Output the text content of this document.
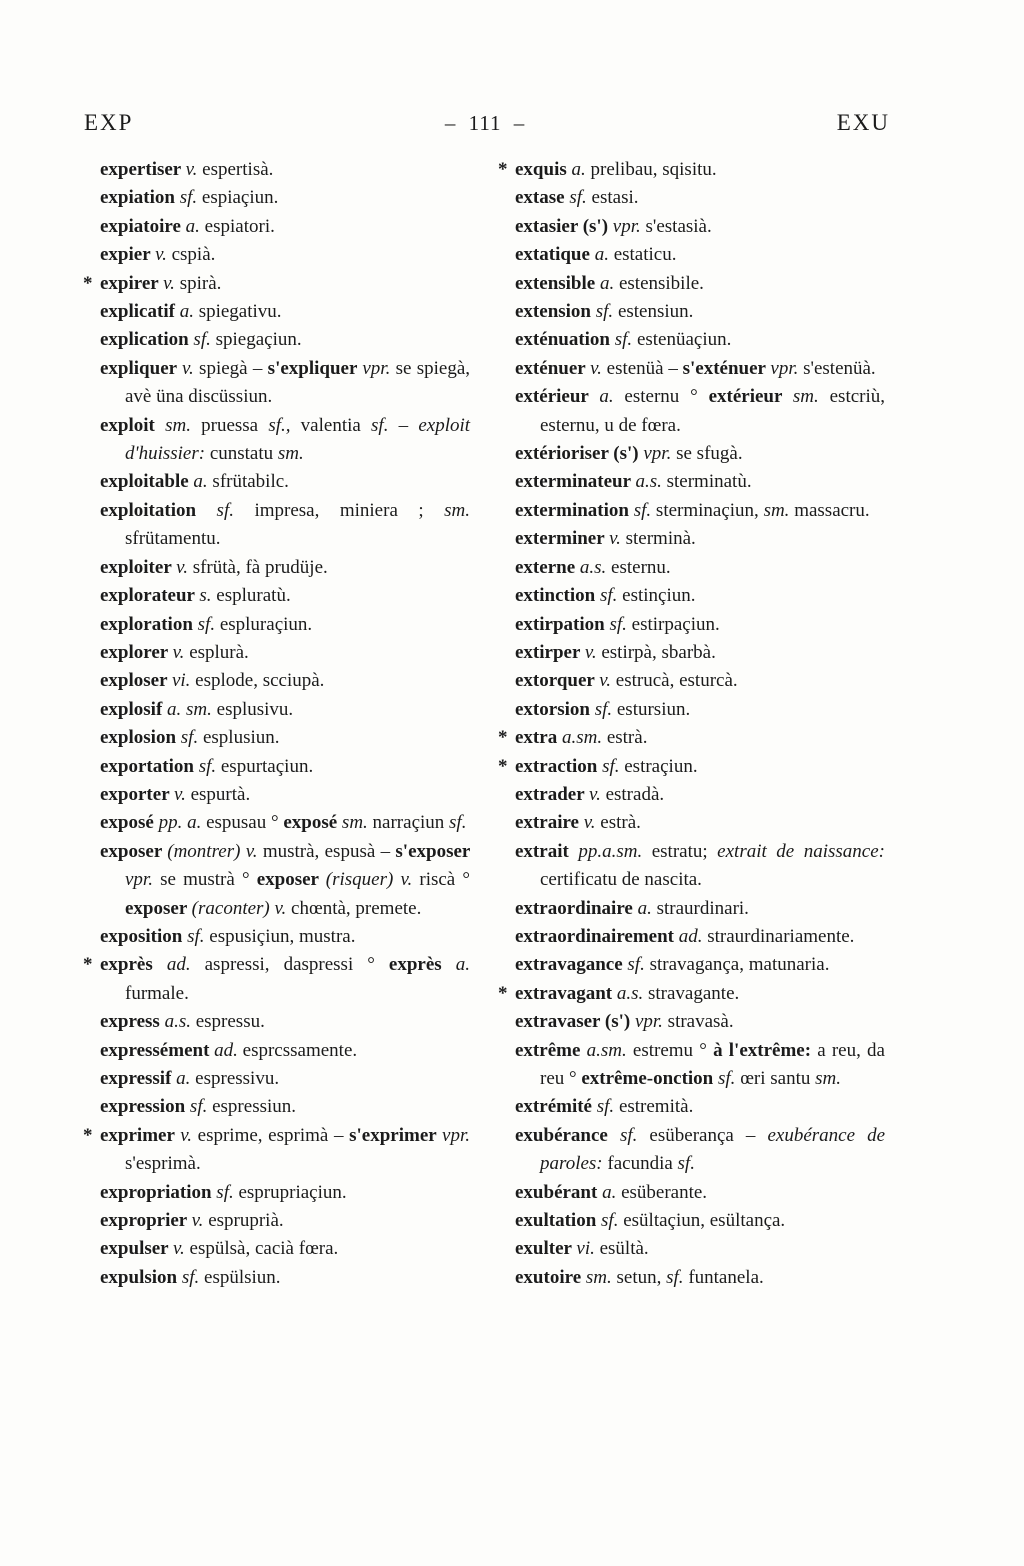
EXP	– 111 –	EXU

expertiser v. espertisà.

expiation sf. espiaçiun.

expiatoire a. espiatori.

expier v. cspià.

* expirer v. spirà.

explicatif a. spiegativu.

explication sf. spiegaçiun.

expliquer v. spiegà – s'expliquer vpr. se spiegà, avè üna discüssiun.

exploit sm. pruessa sf., valentia sf. – exploit d'huissier: cunstatu sm.

exploitable a. sfrütabilc.

exploitation sf. impresa, miniera ; sm. sfrütamentu.

exploiter v. sfrütà, fà prudüje.

explorateur s. espluratù.

exploration sf. espluraçiun.

explorer v. esplurà.

exploser vi. esplode, scciupà.

explosif a. sm. esplusivu.

explosion sf. esplusiun.

exportation sf. espurtaçiun.

exporter v. espurtà.

exposé pp. a. espusau ° exposé sm. narraçiun sf.

exposer (montrer) v. mustrà, espusà – s'exposer vpr. se mustrà ° exposer (risquer) v. riscà ° exposer (raconter) v. chœntà, premete.

exposition sf. espusiçiun, mustra.

* exprès ad. aspressi, daspressi ° exprès a. furmale.

express a.s. espressu.

expressément ad. esprcssamente.

expressif a. espressivu.

expression sf. espressiun.

* exprimer v. esprime, esprimà – s'exprimer vpr. s'esprimà.

expropriation sf. esprupriaçiun.

exproprier v. espruprià.

expulser v. espülsà, cacià fœra.

expulsion sf. espülsiun.

* exquis a. prelibau, sqisitu.

extase sf. estasi.

extasier (s') vpr. s'estasià.

extatique a. estaticu.

extensible a. estensibile.

extension sf. estensiun.

exténuation sf. estenüaçiun.

exténuer v. estenüà – s'exténuer vpr. s'estenüà.

extérieur a. esternu ° extérieur sm. estcriù, esternu, u de fœra.

extérioriser (s') vpr. se sfugà.

exterminateur a.s. sterminatù.

extermination sf. sterminaçiun, sm. massacru.

exterminer v. sterminà.

externe a.s. esternu.

extinction sf. estinçiun.

extirpation sf. estirpaçiun.

extirper v. estirpà, sbarbà.

extorquer v. estrucà, esturcà.

extorsion sf. estursiun.

* extra a.sm. estrà.

* extraction sf. estraçiun.

extrader v. estradà.

extraire v. estrà.

extrait pp.a.sm. estratu; extrait de naissance: certificatu de nascita.

extraordinaire a. straurdinari.

extraordinairement ad. straurdinariamente.

extravagance sf. stravagança, matunaria.

* extravagant a.s. stravagante.

extravaser (s') vpr. stravasà.

extrême a.sm. estremu ° à l'extrême: a reu, da reu ° extrême-onction sf. œri santu sm.

extrémité sf. estremità.

exubérance sf. esüberança – exubérance de paroles: facundia sf.

exubérant a. esüberante.

exultation sf. esültaçiun, esültança.

exulter vi. esültà.

exutoire sm. setun, sf. funtanela.
